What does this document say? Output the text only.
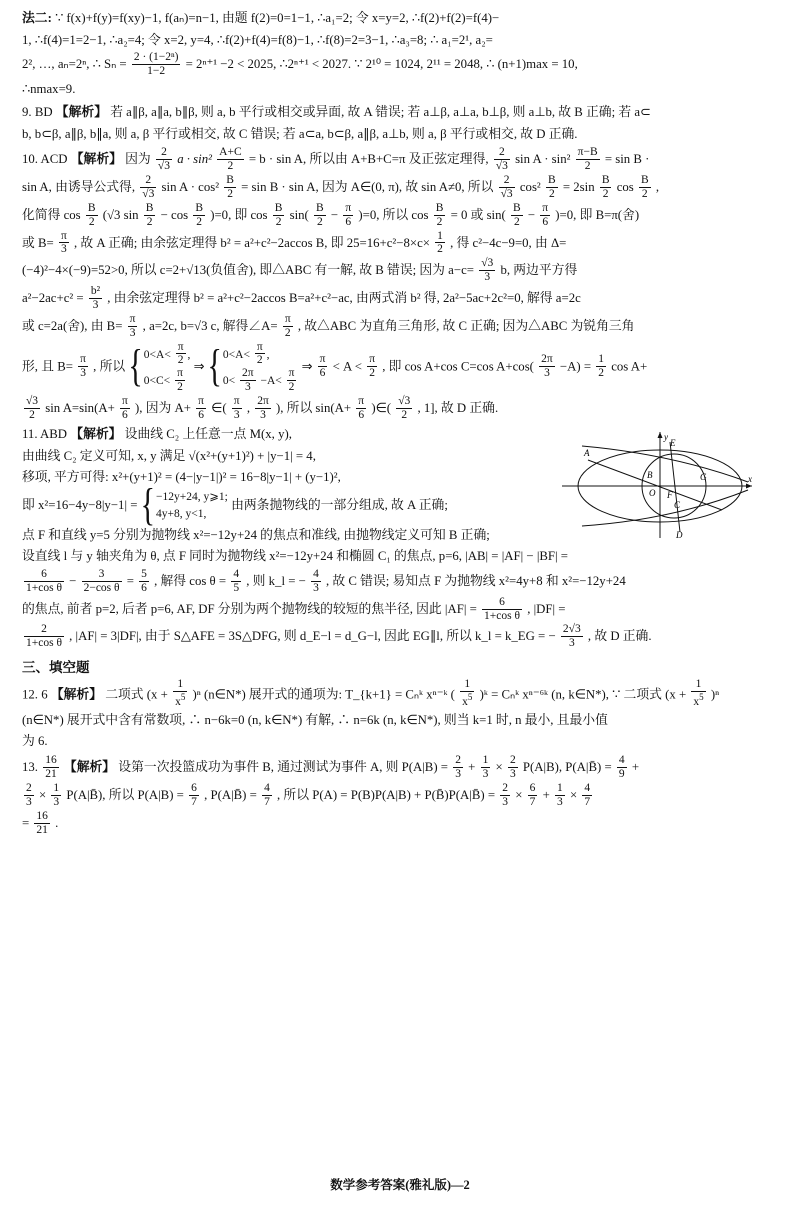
法二: ∵ f(x)+f(y)=f(xy)−1, f(aₙ)=n−1, 由题 f(2)=0=1−1, ∴a₁=2; 令 x=y=2, ∴f(2)+f(2)=f(4)−
1, ∴f(4)=1=2−1, ∴a₂=4; 令 x=2, y=4, ∴f(2)+f(4)=f(8)−1, ∴f(8)=2=3−1, ∴a₃=8; ∴ a₁=2¹, a₂=
2², …, aₙ=2ⁿ, ∴ $S_n = \frac{\text{2 · (1−2ⁿ)}}{1-2} = 2^{n+1} -2 < 2025$, ∴2ⁿ⁺¹ < 2027. ∵ 2¹⁰ = 1024, 2¹¹ = 2048, ∴ (n+1)max = 10,
∴nmax=9.
9. BD 【解析】 若 a∥β, a∥a, b∥β, 则 a, b 平行或相交或异面, 故 A 错误; 若 a⊥β, a⊥a, b⊥β, 则 a⊥b, 故 B 正确; 若 a⊂
b, b⊂β, a∥β, b∥a, 则 a, β 平行或相交, 故 C 错误; 若 a⊂a, b⊂β, a∥β, a⊥b, 则 a, β 平行或相交, 故 D 正确.
10. ACD 【解析】 因为 $\frac{2}{√3}$ $a \cdot \sin^2 \frac{A+C}{2} = b \cdot \sin A$, 所以由 A+B+C=π 及正弦定理得, $\frac{2}{√3}$ $\sin A \cdot \sin^2 \frac{\pi-B}{2} = \sin B$ ·
sin A, 由诱导公式得, $\frac{2}{√3}$ $\sin A \cdot \cos^2 \frac{B}{2} = \sin B \cdot \sin A$, 因为 A∈(0, π), 故 sin A≠0, 所以 $\frac{2}{√3} \cos^2 \frac{B}{2} = 2\sin \frac{B}{2}$ $\cos \frac{B}{2}$ ,
化简得 $\cos \frac{B}{2} (√3$ $\sin \frac{B}{2} - \cos \frac{B}{2} )=0$, 即 $\cos \frac{B}{2} \sin( \frac{B}{2} - \frac{\pi}{6} )=0$, 所以 $\cos \frac{B}{2} = 0$ 或 $\sin( \frac{B}{2} - \frac{\pi}{6} )=0$, 即 B=π(舍)
或 $B= \frac{\pi}{3}$ , 故 A 正确; 由余弦定理得 b² = a²+c²−2accos B, 即 $25=16+c^2-8\times c\times \frac{1}{2}$ , 得 c²−4c−9=0, 由 Δ=
(−4)²−4×(−9)=52>0, 所以 c=2+√13(负值舍), 即△ABC 有一解, 故 B 错误; 因为 $a-c= \frac{√3}{3} b$, 两边平方得
$a^2-2ac+c^2 = \frac{\text{b²}}{3}$ , 由余弦定理得 b² = a²+c²−2accos B=a²+c²−ac, 由两式消 b² 得, 2a²−5ac+2c²=0, 解得 a=2c
或 c=2a(舍), 由 $B= \frac{\pi}{3}$ , a=2c, b=√3 c, 解得∠A= $\frac{\pi}{2}$ , 故△ABC 为直角三角形, 故 C 正确; 因为△ABC 为锐角三角
形, 且 $B= \frac{\pi}{3}$ , 所以 { $0<A< \frac{\pi}{2}$ ,
$0<C< \frac{\pi}{2}$
⇒ { $0<A< \frac{\pi}{2}$ ,
$0< \frac{2\pi}{3} -A< \frac{\pi}{2}$
⇒ $\frac{\pi}{6} < A < \frac{\pi}{2}$ , 即 cos A+cos C=cos $A+\cos( \frac{2\pi}{3} -A) = \frac{1}{2}$ cos A+
$\frac{√3}{2}$ $\sin A=\sin(A+ \frac{\pi}{6}$ ), 因为 $A+ \frac{\pi}{6}$ ∈( $\frac{\pi}{3}$ , $\frac{2\pi}{3}$ ), 所以 $\sin(A+ \frac{\pi}{6}$ )∈( $\frac{√3}{2}$ , 1], 故 D 正确.
y
E
A
B	G
O F
x
C
D
11. ABD 【解析】 设曲线 C₂ 上任意一点 M(x, y),
由曲线 C₂ 定义可知, x, y 满足 √(x²+(y+1)²) + |y−1| = 4,
移项, 平方可得: x²+(y+1)² = (4−|y−1|)² = 16−8|y−1| + (y−1)²,
即 x²=16−4y−8|y−1| = { −12y+24, y⩾1;
4y+8, y<1,
由两条抛物线的一部分组成, 故 A 正确;
点 F 和直线 y=5 分别为抛物线 x²=−12y+24 的焦点和准线, 由抛物线定义可知 B 正确;
设直线 l 与 y 轴夹角为 θ, 点 F 同时为抛物线 x²=−12y+24 和椭圆 C₁ 的焦点, p=6, |AB| = |AF| − |BF| =
$\frac{6}{\text{1+cos θ}} - \frac{3}{\text{2−cos θ}} = \frac{5}{6}$ , 解得 $\cos \theta = \frac{4}{5}$ , 则 k_l = − $\frac{4}{3}$ , 故 C 错误; 易知点 F 为抛物线 x²=4y+8 和 x²=−12y+24
的焦点, 前者 p=2, 后者 p=6, AF, DF 分别为两个抛物线的较短的焦半径, 因此 $|AF| = \frac{6}{\text{1+cos θ}}$ , |DF| =
$\frac{2}{\text{1+cos θ}}$ , |AF| = 3|DF|, 由于 S△AFE = 3S△DFG, 则 d_E−l = d_G−l, 因此 EG∥l, 所以 k_l = k_EG = − $\frac{2√3}{3}$ , 故 D 正确.
三、填空题
12. 6 【解析】 二项式 $(x + \frac{1}{x^5} )^n$ (n∈N*) 展开式的通项为: T_{k+1} = Cₙᵏ xⁿ⁻ᵏ ( $\frac{1}{x^5}$ )ᵏ = Cₙᵏ xⁿ⁻⁶ᵏ (n, k∈N*), ∵ 二项式 $(x + \frac{1}{x^5} )^n$
(n∈N*) 展开式中含有常数项, ∴ n−6k=0 (n, k∈N*) 有解, ∴ n=6k (n, k∈N*), 则当 k=1 时, n 最小, 且最小值
为 6.
13. $\frac{16}{21}$ 【解析】 设第一次投篮成功为事件 B, 通过测试为事件 A, 则 $P(A|B) = \frac{2}{3} + \frac{1}{3} \times \frac{2}{3} P(A|B)$, P(A|B̄) = $\frac{4}{9}$ +
$\frac{2}{3} \times \frac{1}{3}$ P(A|B̄), 所以 $P(A|B) = \frac{6}{7}$ , P(A|B̄) = $\frac{4}{7}$ , 所以 P(A) = P(B)P(A|B) + P(B̄)P(A|B̄) = $\frac{2}{3} \times \frac{6}{7} + \frac{1}{3} \times \frac{4}{7}$
= $\frac{16}{21}$ .
数学参考答案(雅礼版)—2
